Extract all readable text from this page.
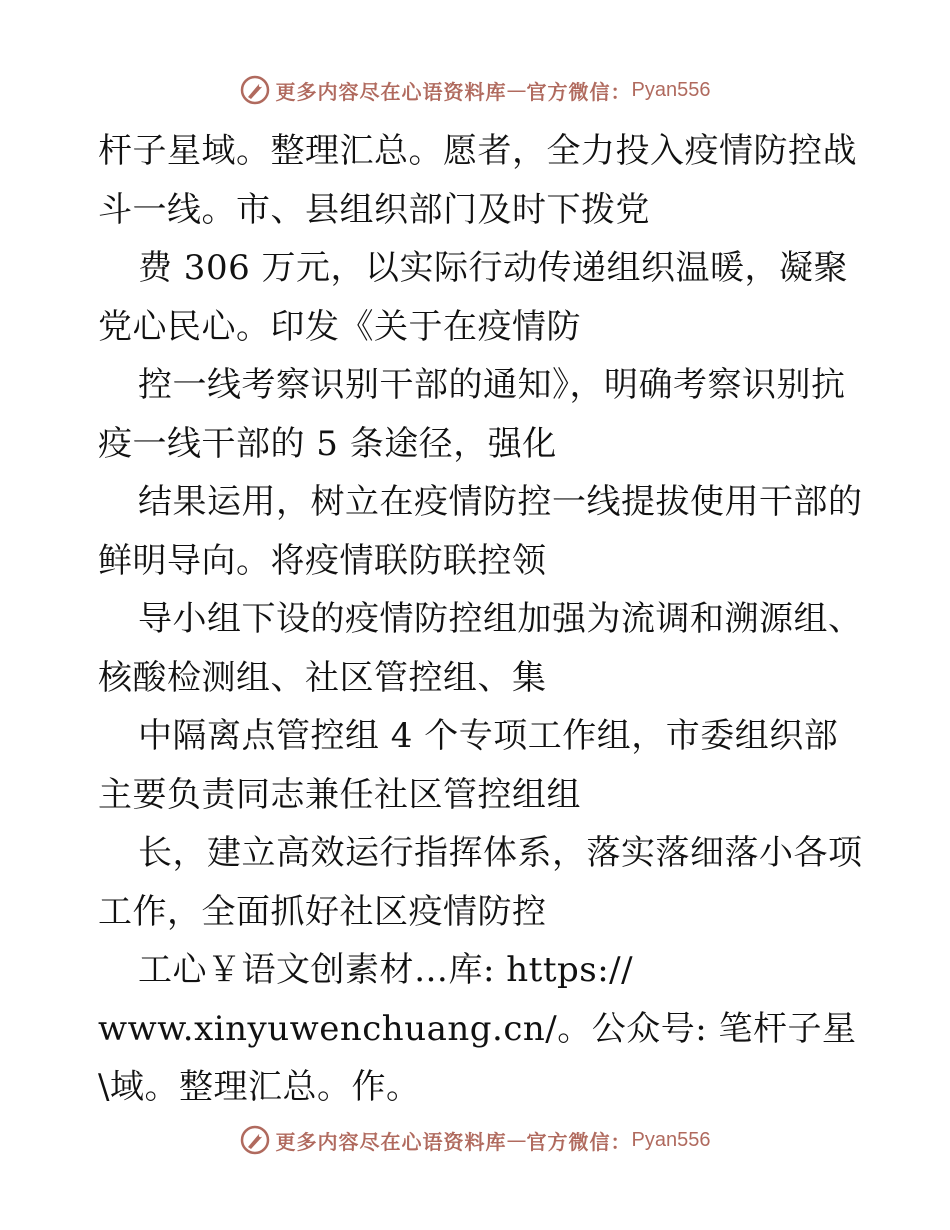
更多内容尽在心语资料库 — 官方微信： Pyan556
杆子星域。整理汇总。愿者，全力投入疫情防控战
斗一线。市、县组织部门及时下拨党
费 306 万元，以实际行动传递组织温暖，凝聚
党心民心。印发《关于在疫情防
控一线考察识别干部的通知》，明确考察识别抗
疫一线干部的 5 条途径，强化
结果运用，树立在疫情防控一线提拔使用干部的
鲜明导向。将疫情联防联控领
导小组下设的疫情防控组加强为流调和溯源组、
核酸检测组、社区管控组、集
中隔离点管控组 4 个专项工作组，市委组织部
主要负责同志兼任社区管控组组
长，建立高效运行指挥体系，落实落细落小各项
工作，全面抓好社区疫情防控
工心￥语文创素材…库: https://
www.xinyuwenchuang.cn/。公众号: 笔杆子星
\域。整理汇总。作。
更多内容尽在心语资料库 — 官方微信： Pyan556
